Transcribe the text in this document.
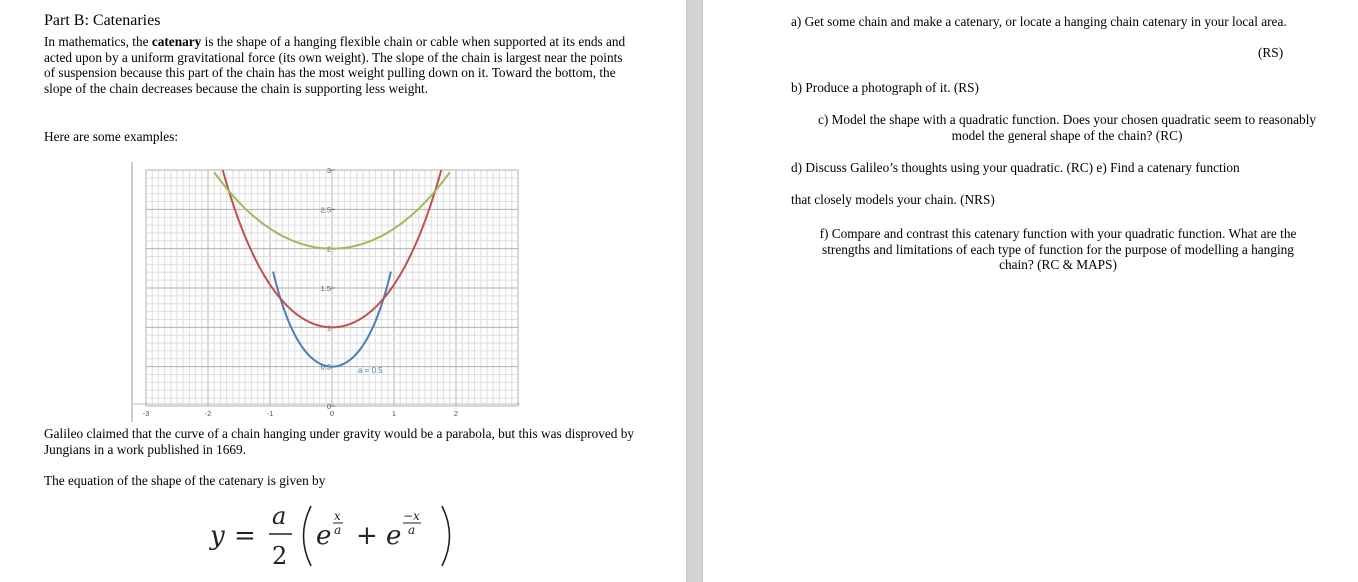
Part B: Catenaries
In mathematics, the catenary is the shape of a hanging flexible chain or cable when supported at its ends and acted upon by a uniform gravitational force (its own weight). The slope of the chain is largest near the points of suspension because this part of the chain has the most weight pulling down on it. Toward the bottom, the slope of the chain decreases because the chain is supporting less weight.
Here are some examples:
0
0.5
1
1.5
2
2.5
3
-3	-2	-1	0	1	2
a = 0.5
Galileo claimed that the curve of a chain hanging under gravity would be a parabola, but this was disproved by Jungians in a work published in 1669.
The equation of the shape of the catenary is given by
y =
a
2
e
x
a + e
−x
a
a) Get some chain and make a catenary, or locate a hanging chain catenary in your local area.
(RS)
b) Produce a photograph of it. (RS)
c) Model the shape with a quadratic function. Does your chosen quadratic seem to reasonably
model the general shape of the chain? (RC)
d) Discuss Galileo’s thoughts using your quadratic. (RC) e) Find a catenary function
that closely models your chain. (NRS)
f) Compare and contrast this catenary function with your quadratic function. What are the
strengths and limitations of each type of function for the purpose of modelling a hanging
chain? (RC & MAPS)
